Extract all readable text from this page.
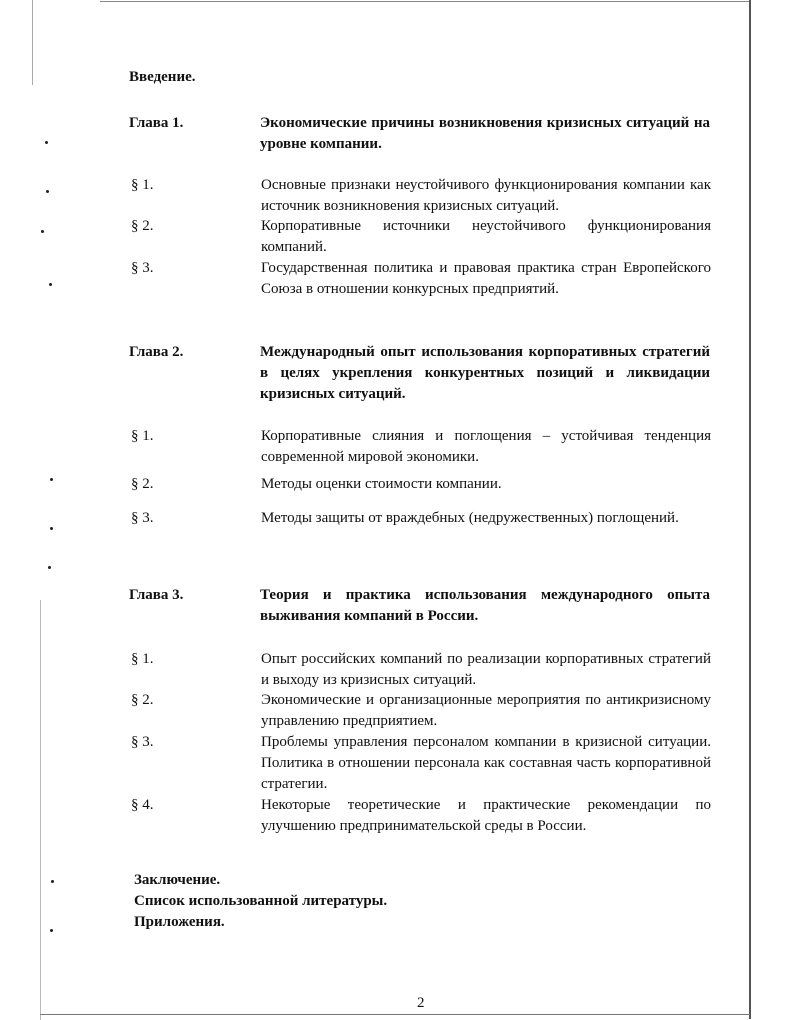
Введение.
Глава 1.	Экономические причины возникновения кризисных ситуаций на уровне компании.
§ 1.	Основные признаки неустойчивого функционирования компании как источник возникновения кризисных ситуаций.
§ 2.	Корпоративные источники неустойчивого функционирования компаний.
§ 3.	Государственная политика и правовая практика стран Европейского Союза в отношении конкурсных предприятий.
Глава 2.	Международный опыт использования корпоративных стратегий в целях укрепления конкурентных позиций и ликвидации кризисных ситуаций.
§ 1.	Корпоративные слияния и поглощения – устойчивая тенденция современной мировой экономики.
§ 2.	Методы оценки стоимости компании.
§ 3.	Методы защиты от враждебных (недружественных) поглощений.
Глава 3.	Теория и практика использования международного опыта выживания компаний в России.
§ 1.	Опыт российских компаний по реализации корпоративных стратегий и выходу из кризисных ситуаций.
§ 2.	Экономические и организационные мероприятия по антикризисному управлению предприятием.
§ 3.	Проблемы управления персоналом компании в кризисной ситуации. Политика в отношении персонала как составная часть корпоративной стратегии.
§ 4.	Некоторые теоретические и практические рекомендации по улучшению предпринимательской среды в России.
Заключение.
Список использованной литературы.
Приложения.
2
